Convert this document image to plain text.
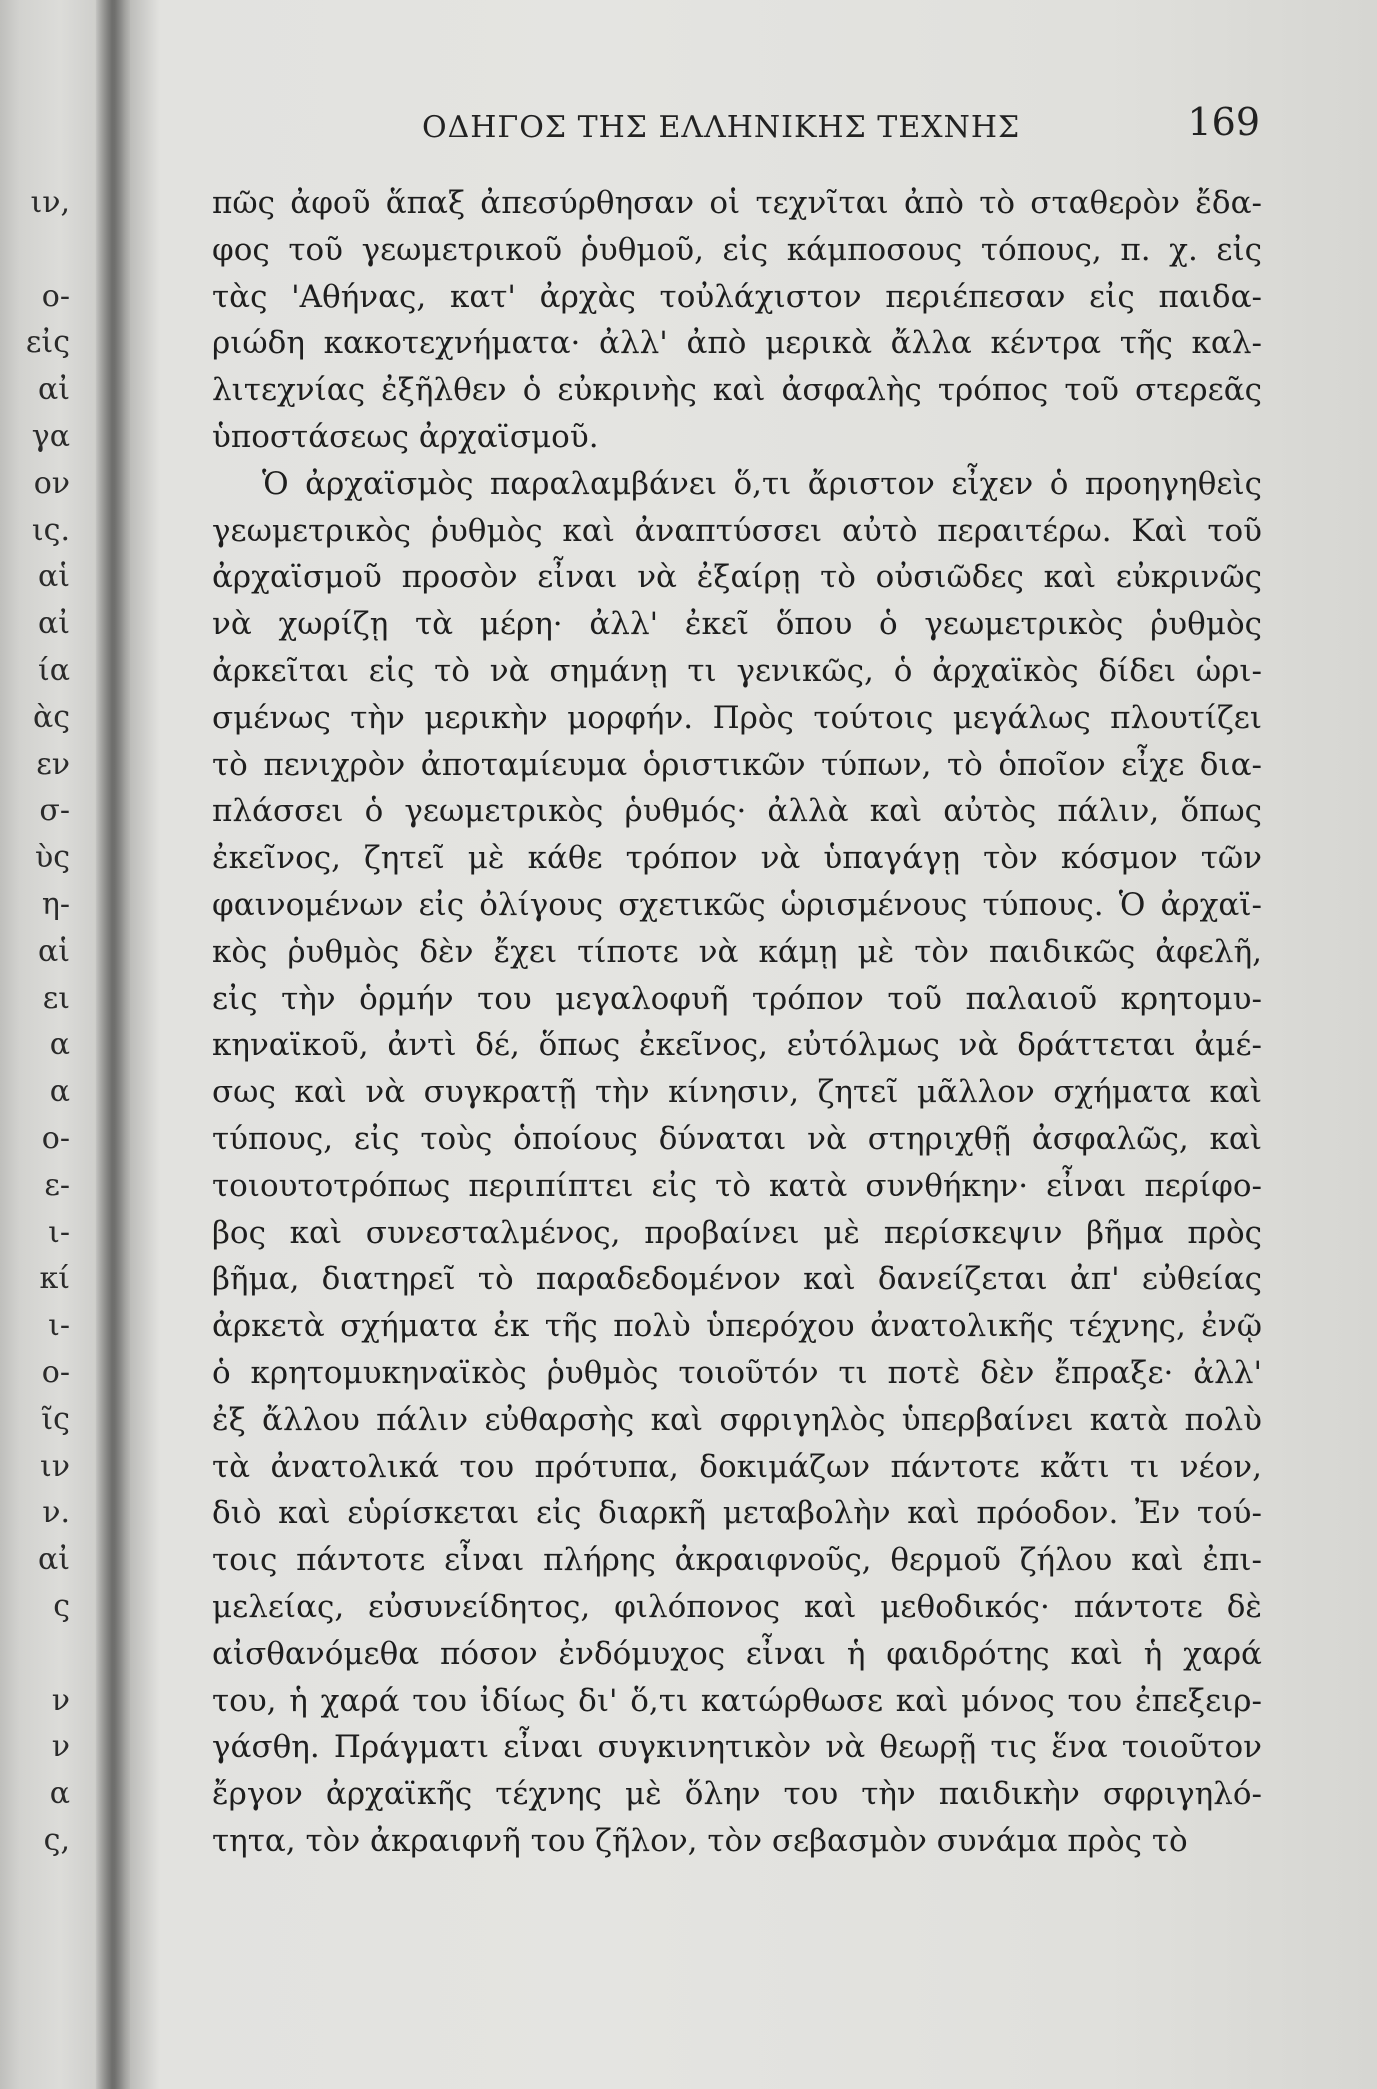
ιν,
ο-
εἰς
αἰ
γα
ον
ις.
αἱ
αἰ
ία
ὰς
εν
σ-
ὺς
η-
αἱ
ει
α
α
ο-
ε-
ι-
κί
ι-
ο-
ῖς
ιν
ν.
αἰ
ς
ν
ν
α
ς,
ΟΔΗΓΟΣ ΤΗΣ ΕΛΛΗΝΙΚΗΣ ΤΕΧΝΗΣ	169
πῶς ἀφοῦ ἅπαξ ἀπεσύρθησαν οἱ τεχνῖται ἀπὸ τὸ σταθερὸν ἔδα-
φος τοῦ γεωμετρικοῦ ῥυθμοῦ, εἰς κάμποσους τόπους, π. χ. εἰς
τὰς 'Αθήνας, κατ' ἀρχὰς τοὐλάχιστον περιέπεσαν εἰς παιδα-
ριώδη κακοτεχνήματα· ἀλλ' ἀπὸ μερικὰ ἄλλα κέντρα τῆς καλ-
λιτεχνίας ἐξῆλθεν ὁ εὐκρινὴς καὶ ἀσφαλὴς τρόπος τοῦ στερεᾶς
ὑποστάσεως ἀρχαϊσμοῦ.
Ὁ ἀρχαϊσμὸς παραλαμβάνει ὅ,τι ἄριστον εἶχεν ὁ προηγηθεὶς
γεωμετρικὸς ῥυθμὸς καὶ ἀναπτύσσει αὐτὸ περαιτέρω. Καὶ τοῦ
ἀρχαϊσμοῦ προσὸν εἶναι νὰ ἐξαίρῃ τὸ οὐσιῶδες καὶ εὐκρινῶς
νὰ χωρίζῃ τὰ μέρη· ἀλλ' ἐκεῖ ὅπου ὁ γεωμετρικὸς ῥυθμὸς
ἀρκεῖται εἰς τὸ νὰ σημάνῃ τι γενικῶς, ὁ ἀρχαϊκὸς δίδει ὡρι-
σμένως τὴν μερικὴν μορφήν. Πρὸς τούτοις μεγάλως πλουτίζει
τὸ πενιχρὸν ἀποταμίευμα ὁριστικῶν τύπων, τὸ ὁποῖον εἶχε δια-
πλάσσει ὁ γεωμετρικὸς ῥυθμός· ἀλλὰ καὶ αὐτὸς πάλιν, ὅπως
ἐκεῖνος, ζητεῖ μὲ κάθε τρόπον νὰ ὑπαγάγῃ τὸν κόσμον τῶν
φαινομένων εἰς ὀλίγους σχετικῶς ὡρισμένους τύπους. Ὁ ἀρχαϊ-
κὸς ῥυθμὸς δὲν ἔχει τίποτε νὰ κάμῃ μὲ τὸν παιδικῶς ἀφελῆ,
εἰς τὴν ὁρμήν του μεγαλοφυῆ τρόπον τοῦ παλαιοῦ κρητομυ-
κηναϊκοῦ, ἀντὶ δέ, ὅπως ἐκεῖνος, εὐτόλμως νὰ δράττεται ἀμέ-
σως καὶ νὰ συγκρατῇ τὴν κίνησιν, ζητεῖ μᾶλλον σχήματα καὶ
τύπους, εἰς τοὺς ὁποίους δύναται νὰ στηριχθῇ ἀσφαλῶς, καὶ
τοιουτοτρόπως περιπίπτει εἰς τὸ κατὰ συνθήκην· εἶναι περίφο-
βος καὶ συνεσταλμένος, προβαίνει μὲ περίσκεψιν βῆμα πρὸς
βῆμα, διατηρεῖ τὸ παραδεδομένον καὶ δανείζεται ἀπ' εὐθείας
ἀρκετὰ σχήματα ἐκ τῆς πολὺ ὑπερόχου ἀνατολικῆς τέχνης, ἐνῷ
ὁ κρητομυκηναϊκὸς ῥυθμὸς τοιοῦτόν τι ποτὲ δὲν ἔπραξε· ἀλλ'
ἐξ ἄλλου πάλιν εὐθαρσὴς καὶ σφριγηλὸς ὑπερβαίνει κατὰ πολὺ
τὰ ἀνατολικά του πρότυπα, δοκιμάζων πάντοτε κἄτι τι νέον,
διὸ καὶ εὑρίσκεται εἰς διαρκῆ μεταβολὴν καὶ πρόοδον. Ἐν τού-
τοις πάντοτε εἶναι πλήρης ἀκραιφνοῦς, θερμοῦ ζήλου καὶ ἐπι-
μελείας, εὐσυνείδητος, φιλόπονος καὶ μεθοδικός· πάντοτε δὲ
αἰσθανόμεθα πόσον ἐνδόμυχος εἶναι ἡ φαιδρότης καὶ ἡ χαρά
του, ἡ χαρά του ἰδίως δι' ὅ,τι κατώρθωσε καὶ μόνος του ἐπεξειρ-
γάσθη. Πράγματι εἶναι συγκινητικὸν νὰ θεωρῇ τις ἕνα τοιοῦτον
ἔργον ἀρχαϊκῆς τέχνης μὲ ὅλην του τὴν παιδικὴν σφριγηλό-
τητα, τὸν ἀκραιφνῆ του ζῆλον, τὸν σεβασμὸν συνάμα πρὸς τὸ
